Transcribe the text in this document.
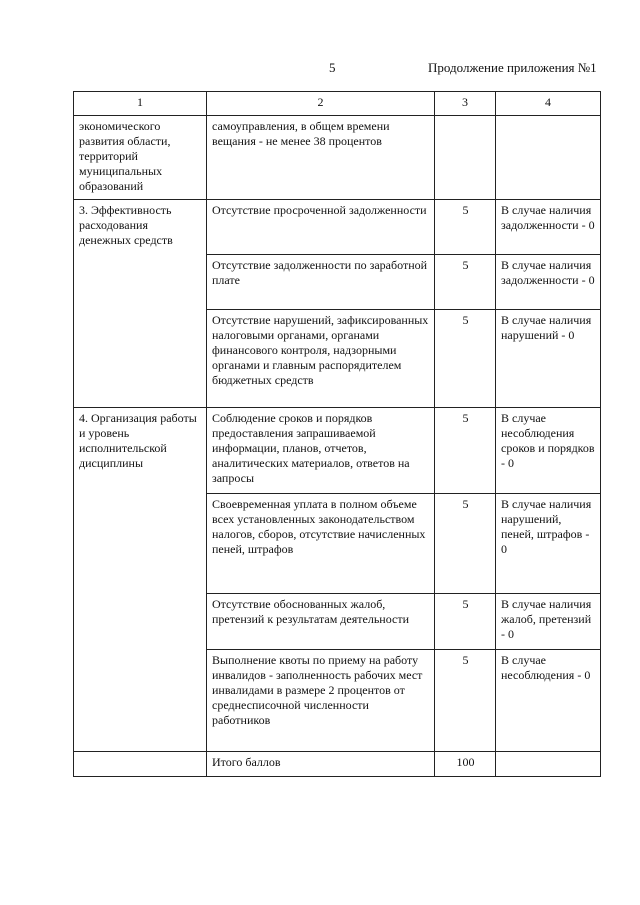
5	Продолжение приложения №1
1	2	3	4
экономического развития области, территорий муниципальных образований	самоуправления, в общем времени вещания - не менее 38 процентов		
3. Эффективность расходования денежных средств	Отсутствие просроченной задолженности	5	В случае наличия задолженности - 0
	Отсутствие задолженности по заработной плате	5	В случае наличия задолженности - 0
	Отсутствие нарушений, зафиксированных налоговыми органами, органами финансового контроля, надзорными органами и главным распорядителем бюджетных средств	5	В случае наличия нарушений - 0
4. Организация работы и уровень исполнительской дисциплины	Соблюдение сроков и порядков предоставления запрашиваемой информации, планов, отчетов, аналитических материалов, ответов на запросы	5	В случае несоблюдения сроков и порядков - 0
	Своевременная уплата в полном объеме всех установленных законодательством налогов, сборов, отсутствие начисленных пеней, штрафов	5	В случае наличия нарушений, пеней, штрафов - 0
	Отсутствие обоснованных жалоб, претензий к результатам деятельности	5	В случае наличия жалоб, претензий - 0
	Выполнение квоты по приему на работу инвалидов - заполненность рабочих мест инвалидами в размере 2 процентов от среднесписочной численности работников	5	В случае несоблюдения - 0
	Итого баллов	100	
